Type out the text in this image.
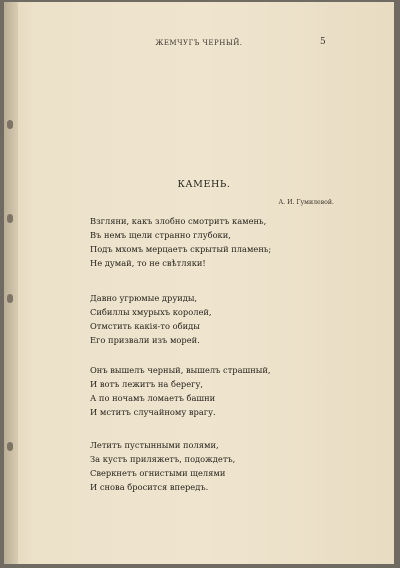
ЖЕМЧУГЪ ЧЕРНЫЙ.	5
КАМЕНЬ.
А. И. Гумилевой.
Взгляни, какъ злобно смотритъ камень,
Въ немъ щели странно глубоки,
Подъ мхомъ мерцаетъ скрытый пламень;
Не думай, то не свѣтляки!
Давно угрюмые друиды,
Сибиллы хмурыхъ королей,
Отмстить какія-то обиды
Его призвали изъ морей.
Онъ вышелъ черный, вышелъ страшный,
И вотъ лежитъ на берегу,
А по ночамъ ломаетъ башни
И мститъ случайному врагу.
Летитъ пустынными полями,
За кустъ приляжетъ, подождетъ,
Сверкнетъ огнистыми щелями
И снова бросится впередъ.
